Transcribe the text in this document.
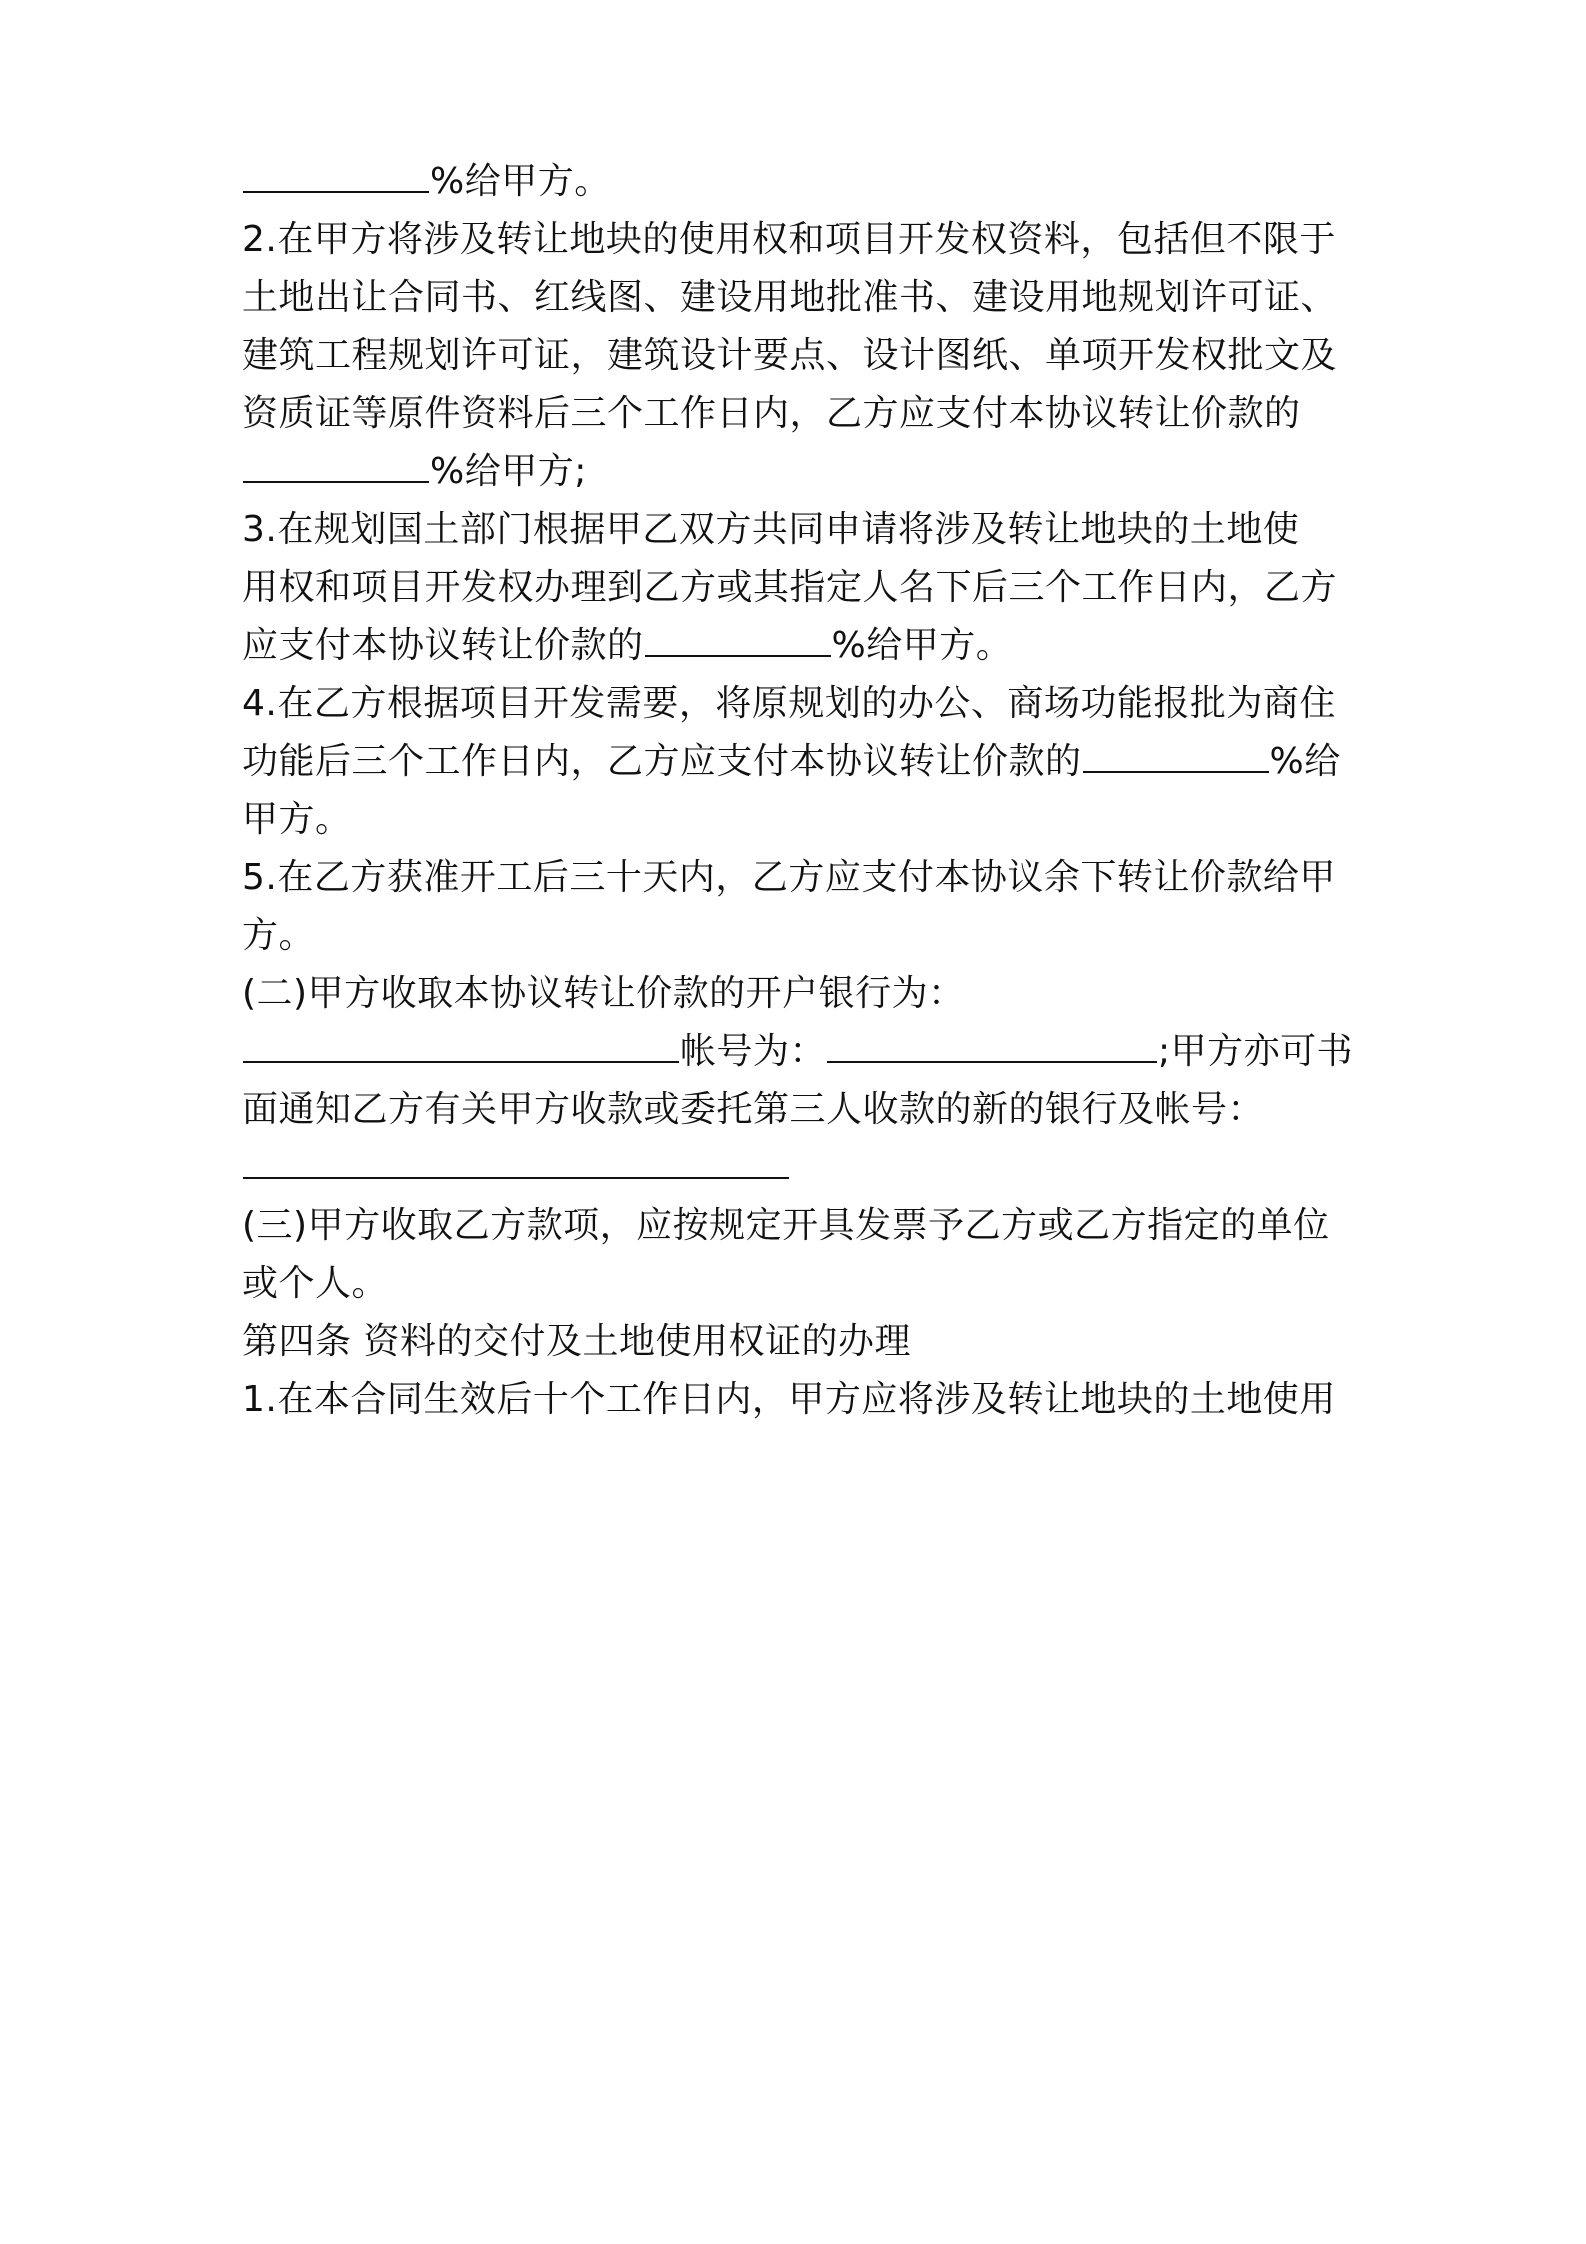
%给甲方。
2.在甲方将涉及转让地块的使用权和项目开发权资料，包括但不限于
土地出让合同书、红线图、建设用地批准书、建设用地规划许可证、
建筑工程规划许可证，建筑设计要点、设计图纸、单项开发权批文及
资质证等原件资料后三个工作日内，乙方应支付本协议转让价款的
%给甲方;
3.在规划国土部门根据甲乙双方共同申请将涉及转让地块的土地使
用权和项目开发权办理到乙方或其指定人名下后三个工作日内，乙方
应支付本协议转让价款的	%给甲方。
4.在乙方根据项目开发需要，将原规划的办公、商场功能报批为商住
功能后三个工作日内，乙方应支付本协议转让价款的	%给
甲方。
5.在乙方获准开工后三十天内，乙方应支付本协议余下转让价款给甲
方。
(二)甲方收取本协议转让价款的开户银行为：
帐号为：	;甲方亦可书
面通知乙方有关甲方收款或委托第三人收款的新的银行及帐号：
(三)甲方收取乙方款项，应按规定开具发票予乙方或乙方指定的单位
或个人。
第四条 资料的交付及土地使用权证的办理
1.在本合同生效后十个工作日内，甲方应将涉及转让地块的土地使用
